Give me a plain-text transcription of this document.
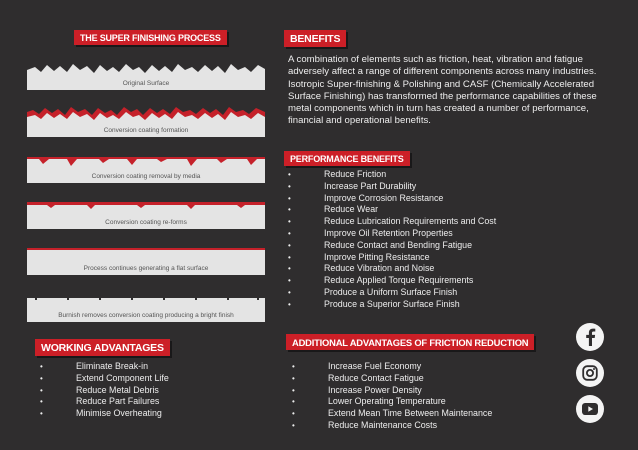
THE SUPER FINISHING PROCESS
Original Surface
Conversion coating formation
Conversion coating removal by media
Conversion coating re-forms
Process continues generating a flat surface
Burnish removes conversion coating producing a bright finish
WORKING ADVANTAGES
•	Eliminate Break-in
•	Extend Component Life
•	Reduce Metal Debris
•	Reduce Part Failures
•	Minimise Overheating
BENEFITS

A combination of elements such as friction, heat, vibration and fatigue adversely affect a range of different components across many industries. Isotropic Super-finishing & Polishing and CASF (Chemically Accelerated Surface Finishing) has transformed the performance capabilities of these metal components which in turn has created a number of performance, financial and operational benefits.

PERFORMANCE BENEFITS
•	Reduce Friction
•	Increase Part Durability
•	Improve Corrosion Resistance
•	Reduce Wear
•	Reduce Lubrication Requirements and Cost
•	Improve Oil Retention Properties
•	Reduce Contact and Bending Fatigue
•	Improve Pitting Resistance
•	Reduce Vibration and Noise
•	Reduce Applied Torque Requirements
•	Produce a Uniform Surface Finish
•	Produce a Superior Surface Finish
ADDITIONAL ADVANTAGES OF FRICTION REDUCTION
•	Increase Fuel Economy
•	Reduce Contact Fatigue
•	Increase Power Density
•	Lower Operating Temperature
•	Extend Mean Time Between Maintenance
•	Reduce Maintenance Costs
